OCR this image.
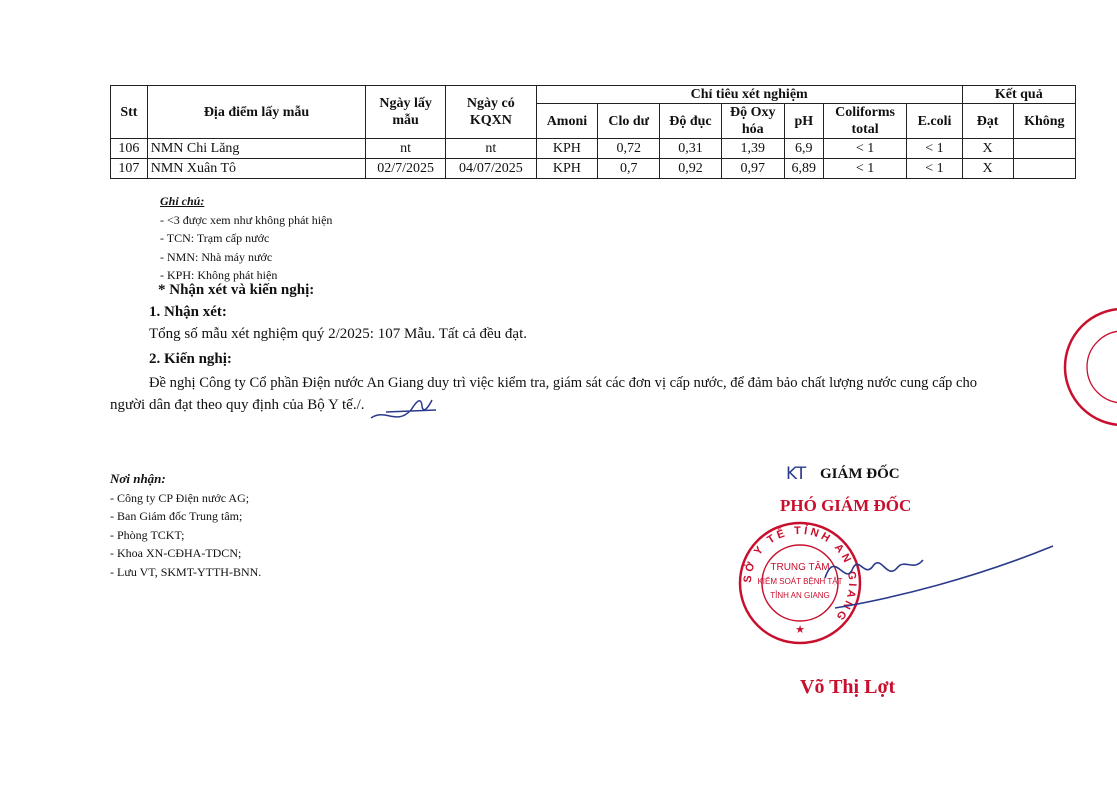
Stt	Địa điểm lấy mẫu	Ngày lấy mẫu	Ngày có KQXN	Chỉ tiêu xét nghiệm							Kết quả	
				Amoni	Clo dư	Độ đục	Độ Oxy hóa	pH	Coliforms total	E.coli	Đạt	Không
106	NMN Chi Lăng	nt	nt	KPH	0,72	0,31	1,39	6,9	< 1	< 1	X	
107	NMN Xuân Tô	02/7/2025	04/07/2025	KPH	0,7	0,92	0,97	6,89	< 1	< 1	X	
Ghi chú:
- <3 được xem như không phát hiện
- TCN: Trạm cấp nước
- NMN: Nhà máy nước
- KPH: Không phát hiện
* Nhận xét và kiến nghị:
1. Nhận xét:
Tổng số mẫu xét nghiệm quý 2/2025: 107 Mẫu. Tất cả đều đạt.
2. Kiến nghị:
Đề nghị Công ty Cổ phần Điện nước An Giang duy trì việc kiểm tra, giám sát các đơn vị cấp nước, để đảm bảo chất lượng nước cung cấp cho
người dân đạt theo quy định của Bộ Y tế./.
Nơi nhận:
- Công ty CP Điện nước AG;
- Ban Giám đốc Trung tâm;
- Phòng TCKT;
- Khoa XN-CĐHA-TDCN;
- Lưu VT, SKMT-YTTH-BNN.
KT GIÁM ĐỐC
PHÓ GIÁM ĐỐC
SỞ Y TẾ TỈNH AN GIANG
TRUNG TÂM
KIỂM SOÁT BỆNH TẬT
TỈNH AN GIANG
★
Võ Thị Lợt
